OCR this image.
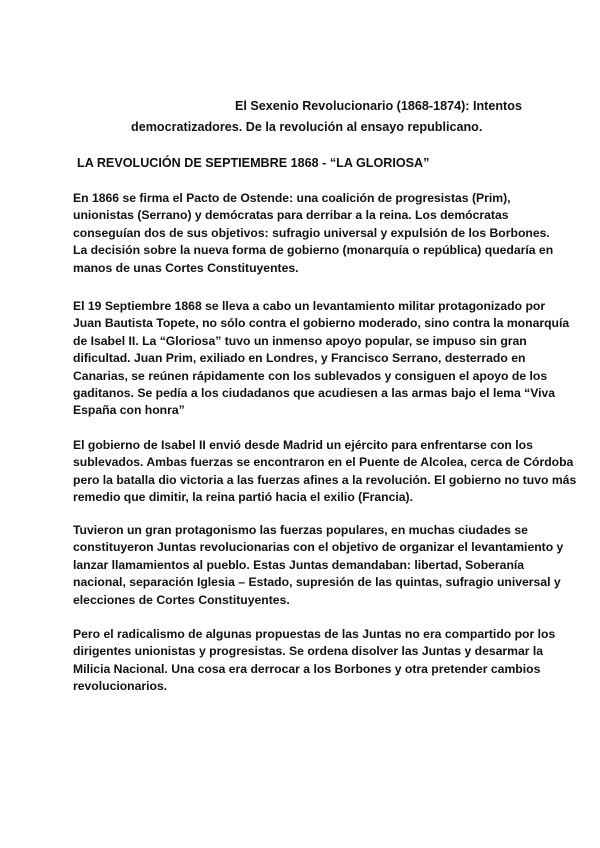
El Sexenio Revolucionario (1868-1874): Intentos
democratizadores. De la revolución al ensayo republicano.
LA REVOLUCIÓN DE SEPTIEMBRE 1868 - “LA GLORIOSA”
En 1866 se firma el Pacto de Ostende: una coalición de progresistas (Prim),
unionistas (Serrano) y demócratas para derribar a la reina. Los demócratas
conseguían dos de sus objetivos: sufragio universal y expulsión de los Borbones.
La decisión sobre la nueva forma de gobierno (monarquía o república) quedaría en
manos de unas Cortes Constituyentes.
El 19 Septiembre 1868 se lleva a cabo un levantamiento militar protagonizado por
Juan Bautista Topete, no sólo contra el gobierno moderado, sino contra la monarquía
de Isabel II. La “Gloriosa” tuvo un inmenso apoyo popular, se impuso sin gran
dificultad. Juan Prim, exiliado en Londres, y Francisco Serrano, desterrado en
Canarias, se reúnen rápidamente con los sublevados y consiguen el apoyo de los
gaditanos. Se pedía a los ciudadanos que acudiesen a las armas bajo el lema “Viva
España con honra”
El gobierno de Isabel II envió desde Madrid un ejército para enfrentarse con los
sublevados. Ambas fuerzas se encontraron en el Puente de Alcolea, cerca de Córdoba
pero la batalla dio victoria a las fuerzas afines a la revolución. El gobierno no tuvo más
remedio que dimitir, la reina partió hacia el exilio (Francia).
Tuvieron un gran protagonismo las fuerzas populares, en muchas ciudades se
constituyeron Juntas revolucionarias con el objetivo de organizar el levantamiento y
lanzar llamamientos al pueblo. Estas Juntas demandaban: libertad, Soberanía
nacional, separación Iglesia – Estado, supresión de las quintas, sufragio universal y
elecciones de Cortes Constituyentes.
Pero el radicalismo de algunas propuestas de las Juntas no era compartido por los
dirigentes unionistas y progresistas. Se ordena disolver las Juntas y desarmar la
Milicia Nacional. Una cosa era derrocar a los Borbones y otra pretender cambios
revolucionarios.
